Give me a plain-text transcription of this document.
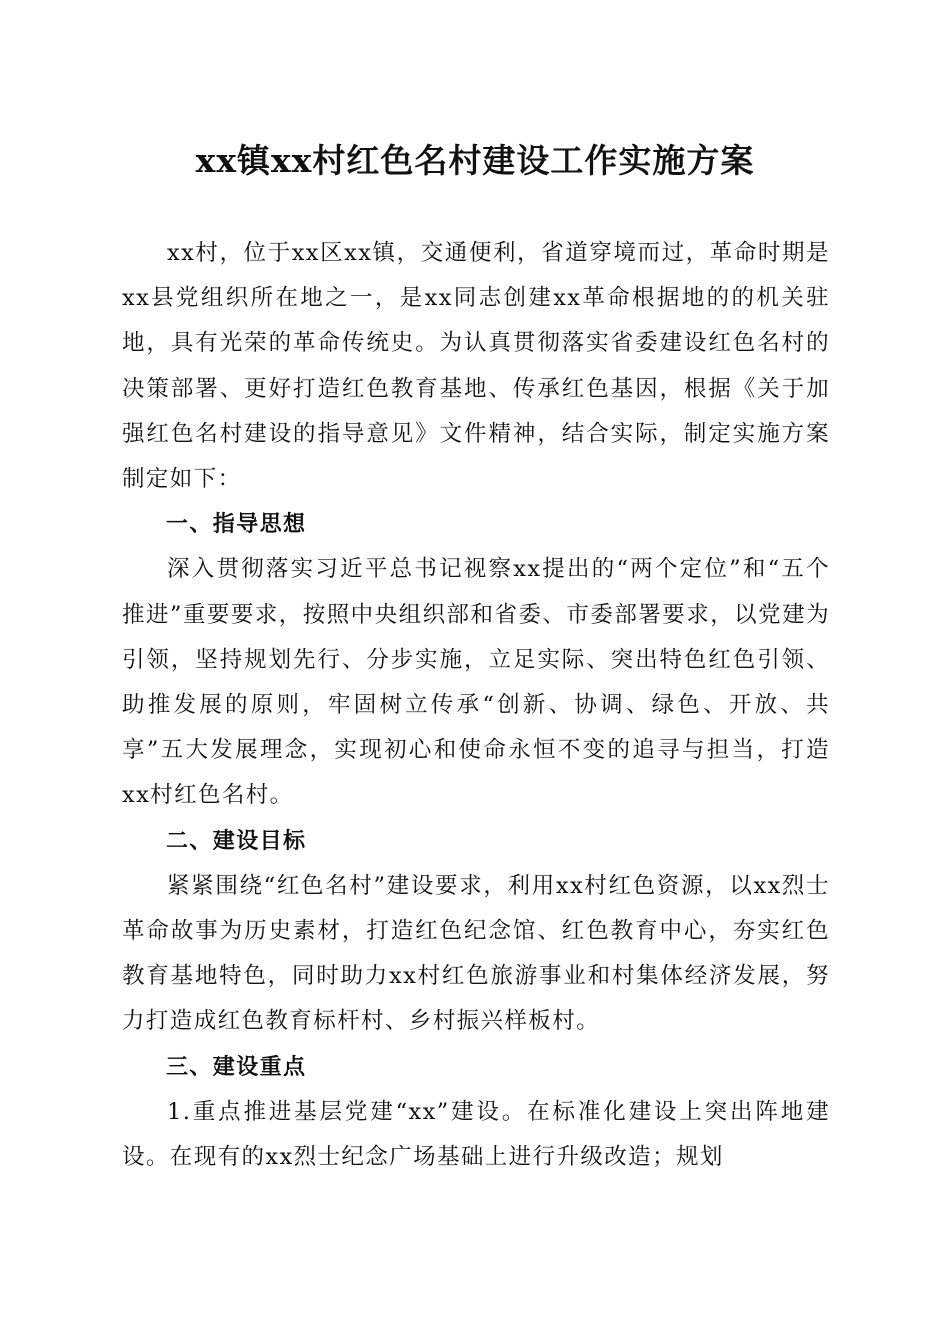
xx镇xx村红色名村建设工作实施方案

xx村，位于xx区xx镇，交通便利，省道穿境而过，革命时期是xx县党组织所在地之一，是xx同志创建xx革命根据地的的机关驻地，具有光荣的革命传统史。为认真贯彻落实省委建设红色名村的决策部署、更好打造红色教育基地、传承红色基因，根据《关于加强红色名村建设的指导意见》文件精神，结合实际，制定实施方案制定如下：

一、指导思想

深入贯彻落实习近平总书记视察xx提出的“两个定位”和“五个推进”重要要求，按照中央组织部和省委、市委部署要求，以党建为引领，坚持规划先行、分步实施，立足实际、突出特色红色引领、助推发展的原则，牢固树立传承“创新、协调、绿色、开放、共享”五大发展理念，实现初心和使命永恒不变的追寻与担当，打造xx村红色名村。

二、建设目标

紧紧围绕“红色名村”建设要求，利用xx村红色资源，以xx烈士革命故事为历史素材，打造红色纪念馆、红色教育中心，夯实红色教育基地特色，同时助力xx村红色旅游事业和村集体经济发展，努力打造成红色教育标杆村、乡村振兴样板村。

三、建设重点

1.重点推进基层党建“xx”建设。在标准化建设上突出阵地建设。在现有的xx烈士纪念广场基础上进行升级改造；规划
